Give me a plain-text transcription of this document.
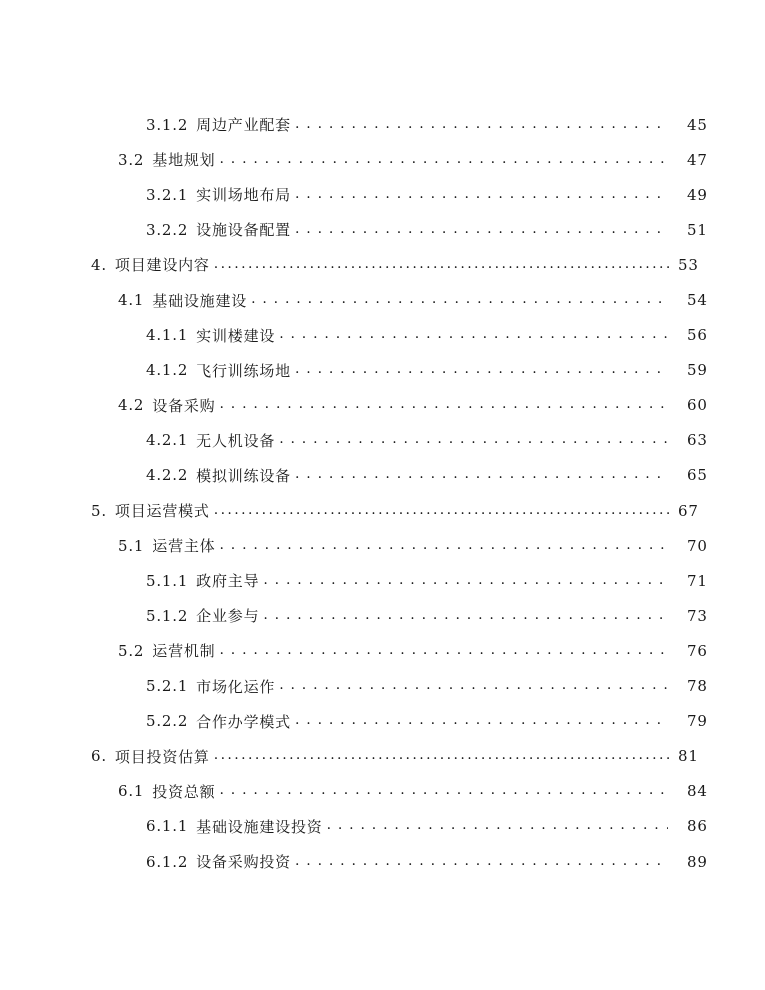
3.1.2 周边产业配套 . . .	45
3.2 基地规划 . . .	47
3.2.1 实训场地布局 . . .	49
3.2.2 设施设备配置 . . .	51
4. 项目建设内容 .....	53
4.1 基础设施建设 . . .	54
4.1.1 实训楼建设 . . .	56
4.1.2 飞行训练场地 . . .	59
4.2 设备采购 . . .	60
4.2.1 无人机设备 . . .	63
4.2.2 模拟训练设备 . . .	65
5. 项目运营模式 .....	67
5.1 运营主体 . . .	70
5.1.1 政府主导 . . .	71
5.1.2 企业参与 . . .	73
5.2 运营机制 . . .	76
5.2.1 市场化运作 . . .	78
5.2.2 合作办学模式 . . .	79
6. 项目投资估算 .....	81
6.1 投资总额 . . .	84
6.1.1 基础设施建设投资 . . .	86
6.1.2 设备采购投资 . . .	89
